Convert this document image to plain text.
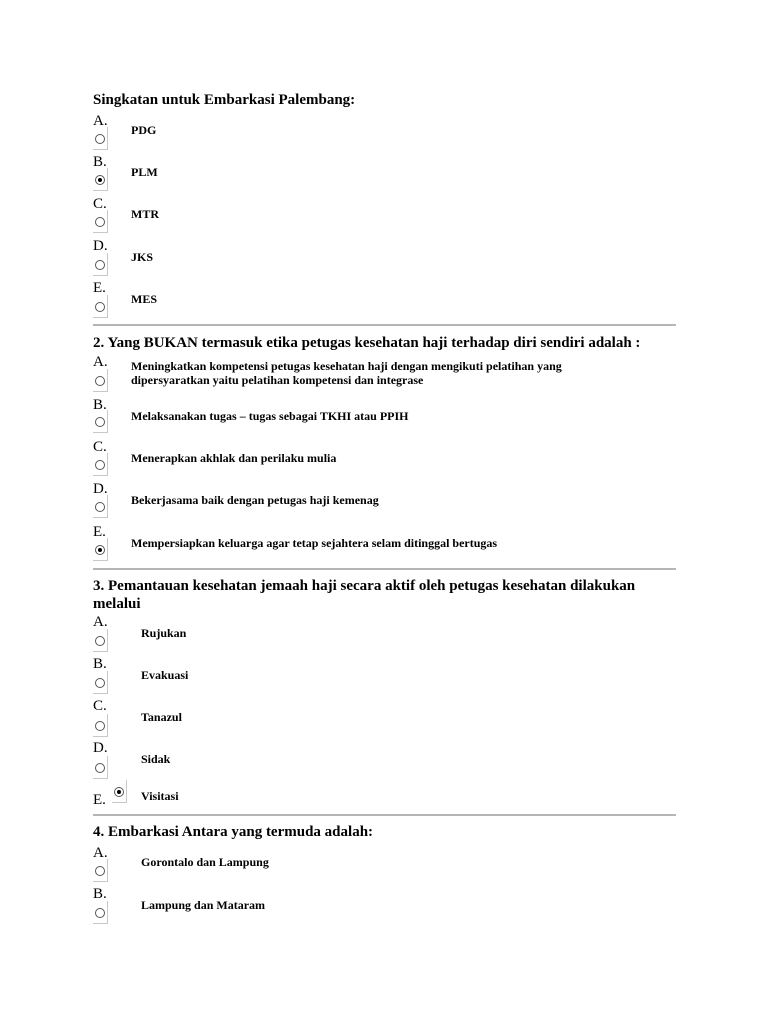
Singkatan untuk Embarkasi Palembang:
A.
PDG
B.
PLM
C.
MTR
D.
JKS
E.
MES
2. Yang BUKAN termasuk etika petugas kesehatan haji terhadap diri sendiri adalah :
A. Meningkatkan kompetensi petugas kesehatan haji dengan mengikuti pelatihan yang dipersyaratkan yaitu pelatihan kompetensi dan integrase
B.
Melaksanakan tugas – tugas sebagai TKHI atau PPIH
C.
Menerapkan akhlak dan perilaku mulia
D.
Bekerjasama baik dengan petugas haji kemenag
E.
Mempersiapkan keluarga agar tetap sejahtera selam ditinggal bertugas
3. Pemantauan kesehatan jemaah haji secara aktif oleh petugas kesehatan dilakukan melalui
A.
Rujukan
B.
Evakuasi
C.
Tanazul
D.
Sidak
E.	Visitasi
4. Embarkasi Antara yang termuda adalah:
A.
Gorontalo dan Lampung
B.
Lampung dan Mataram
